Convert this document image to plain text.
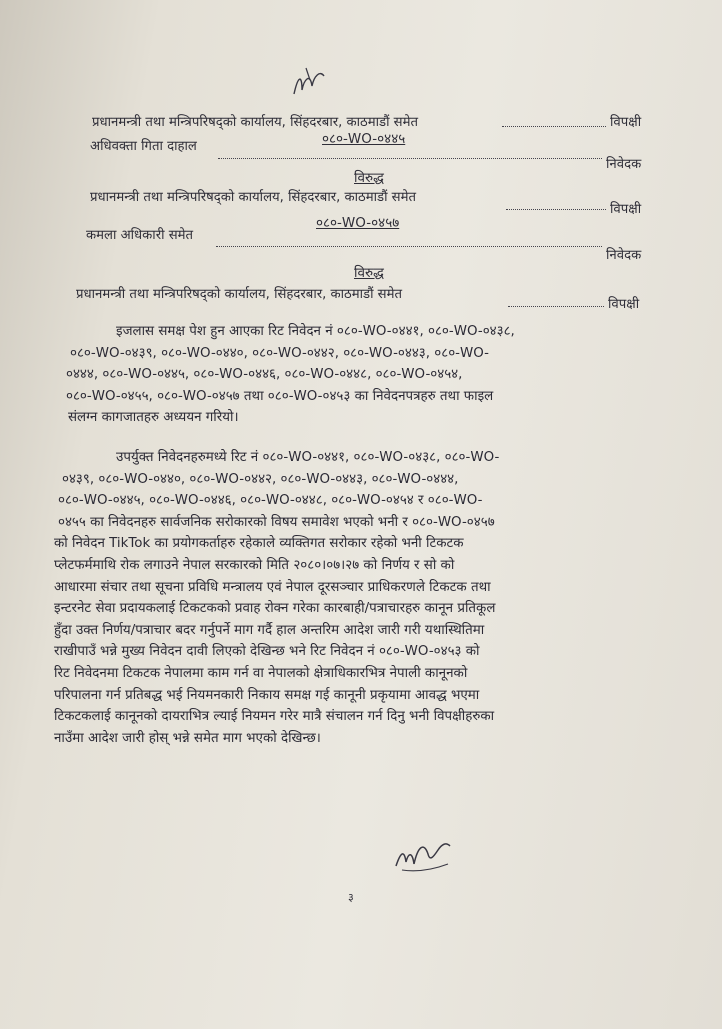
प्रधानमन्त्री तथा मन्त्रिपरिषद्को कार्यालय, सिंहदरबार, काठमाडौं समेत	विपक्षी
०८०-WO-०४४५
अधिवक्ता गिता दाहाल
निवेदक
विरुद्ध
प्रधानमन्त्री तथा मन्त्रिपरिषद्को कार्यालय, सिंहदरबार, काठमाडौं समेत
विपक्षी
०८०-WO-०४५७
कमला अधिकारी समेत
निवेदक
विरुद्ध
प्रधानमन्त्री तथा मन्त्रिपरिषद्को कार्यालय, सिंहदरबार, काठमाडौं समेत
विपक्षी
इजलास समक्ष पेश हुन आएका रिट निवेदन नं ०८०-WO-०४४१, ०८०-WO-०४३८,
०८०-WO-०४३९, ०८०-WO-०४४०, ०८०-WO-०४४२, ०८०-WO-०४४३, ०८०-WO-
०४४४, ०८०-WO-०४४५, ०८०-WO-०४४६, ०८०-WO-०४४८, ०८०-WO-०४५४,
०८०-WO-०४५५, ०८०-WO-०४५७ तथा ०८०-WO-०४५३ का निवेदनपत्रहरु तथा फाइल
संलग्न कागजातहरु अध्ययन गरियो।
उपर्युक्त निवेदनहरुमध्ये रिट नं ०८०-WO-०४४१, ०८०-WO-०४३८, ०८०-WO-
०४३९, ०८०-WO-०४४०, ०८०-WO-०४४२, ०८०-WO-०४४३, ०८०-WO-०४४४,
०८०-WO-०४४५, ०८०-WO-०४४६, ०८०-WO-०४४८, ०८०-WO-०४५४ र ०८०-WO-
०४५५ का निवेदनहरु सार्वजनिक सरोकारको विषय समावेश भएको भनी र ०८०-WO-०४५७
को निवेदन TikTok का प्रयोगकर्ताहरु रहेकाले व्यक्तिगत सरोकार रहेको भनी टिकटक
प्लेटफर्ममाथि रोक लगाउने नेपाल सरकारको मिति २०८०।०७।२७ को निर्णय र सो को
आधारमा संचार तथा सूचना प्रविधि मन्त्रालय एवं नेपाल दूरसञ्चार प्राधिकरणले टिकटक तथा
इन्टरनेट सेवा प्रदायकलाई टिकटकको प्रवाह रोक्न गरेका कारबाही/पत्राचारहरु कानून प्रतिकूल
हुँदा उक्त निर्णय/पत्राचार बदर गर्नुपर्ने माग गर्दै हाल अन्तरिम आदेश जारी गरी यथास्थितिमा
राखीपाउँ भन्ने मुख्य निवेदन दावी लिएको देखिन्छ भने रिट निवेदन नं ०८०-WO-०४५३ को
रिट निवेदनमा टिकटक नेपालमा काम गर्न वा नेपालको क्षेत्राधिकारभित्र नेपाली कानूनको
परिपालना गर्न प्रतिबद्ध भई नियमनकारी निकाय समक्ष गई कानूनी प्रकृयामा आवद्ध भएमा
टिकटकलाई कानूनको दायराभित्र ल्याई नियमन गरेर मात्रै संचालन गर्न दिनु भनी विपक्षीहरुका
नाउँमा आदेश जारी होस् भन्ने समेत माग भएको देखिन्छ।
३
